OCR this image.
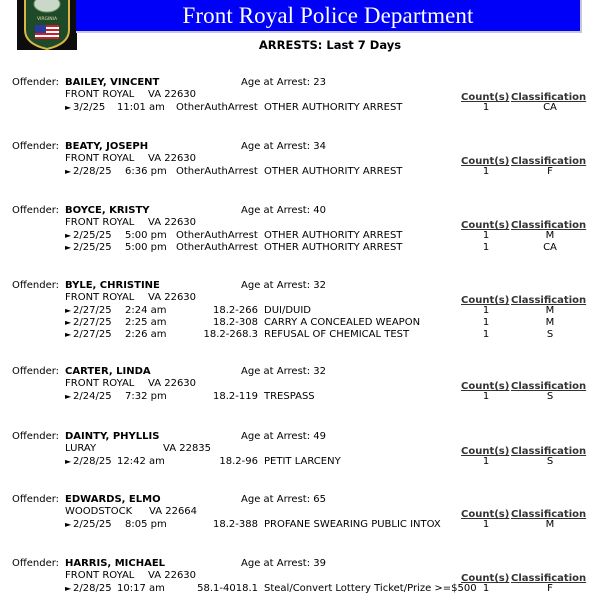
VIRGINIA	Front Royal Police Department
ARRESTS: Last 7 Days
Offender: BAILEY, VINCENT	Age at Arrest: 23
FRONT ROYAL VA 22630	Count(s) Classification
► 3/2/25 11:01 am OtherAuthArrest OTHER AUTHORITY ARREST	1	CA
Offender: BEATY, JOSEPH	Age at Arrest: 34
FRONT ROYAL VA 22630	Count(s) Classification
► 2/28/25 6:36 pm OtherAuthArrest OTHER AUTHORITY ARREST	1	F
Offender: BOYCE, KRISTY	Age at Arrest: 40
FRONT ROYAL VA 22630	Count(s) Classification
► 2/25/25 5:00 pm OtherAuthArrest OTHER AUTHORITY ARREST	1	M
► 2/25/25 5:00 pm OtherAuthArrest OTHER AUTHORITY ARREST	1	CA
Offender: BYLE, CHRISTINE	Age at Arrest: 32
FRONT ROYAL VA 22630	Count(s) Classification
► 2/27/25 2:24 am	18.2-266 DUI/DUID	1	M
► 2/27/25 2:25 am	18.2-308 CARRY A CONCEALED WEAPON	1	M
► 2/27/25 2:26 am	18.2-268.3 REFUSAL OF CHEMICAL TEST	1	S
Offender: CARTER, LINDA	Age at Arrest: 32
FRONT ROYAL VA 22630	Count(s) Classification
► 2/24/25 7:32 pm	18.2-119 TRESPASS	1	S
Offender: DAINTY, PHYLLIS	Age at Arrest: 49
LURAY	VA 22835	Count(s) Classification
► 2/28/25 12:42 am	18.2-96 PETIT LARCENY	1	S
Offender: EDWARDS, ELMO	Age at Arrest: 65
WOODSTOCK VA 22664	Count(s) Classification
► 2/25/25 8:05 pm	18.2-388 PROFANE SWEARING PUBLIC INTOX	1	M
Offender: HARRIS, MICHAEL	Age at Arrest: 39
FRONT ROYAL VA 22630	Count(s) Classification
► 2/28/25 10:17 am	58.1-4018.1 Steal/Convert Lottery Ticket/Prize >=$500 1	F
